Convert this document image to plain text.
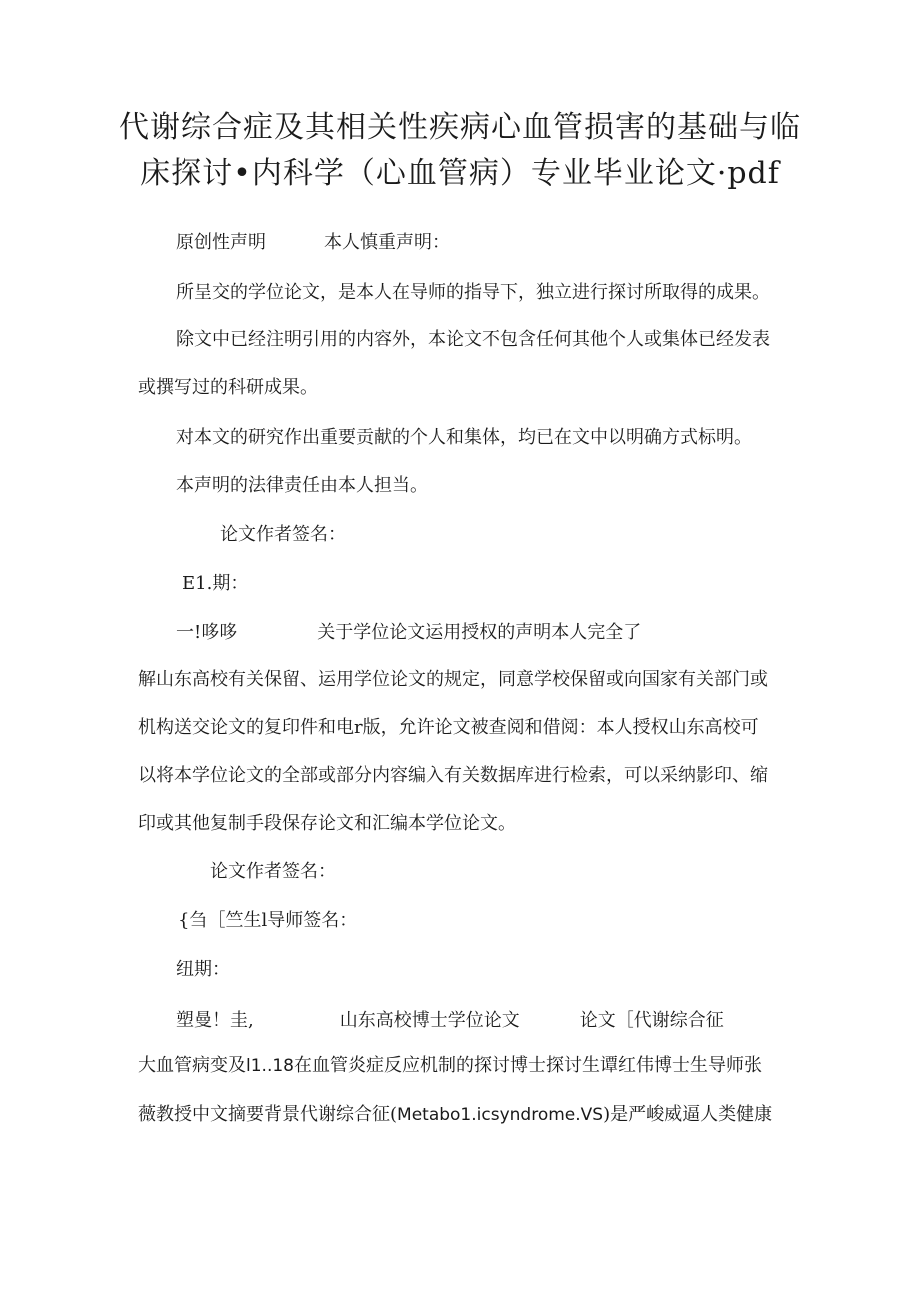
代谢综合症及其相关性疾病心血管损害的基础与临
床探讨•内科学（心血管病）专业毕业论文·pdf

原创性声明	本人慎重声明：

所呈交的学位论文，是本人在导师的指导下，独立进行探讨所取得的成果。

除文中已经注明引用的内容外，本论文不包含任何其他个人或集体已经发表

或撰写过的科研成果。

对本文的研究作出重要贡献的个人和集体，均已在文中以明确方式标明。

本声明的法律责任由本人担当。

论文作者签名：

E1.期：

一!哆哆	关于学位论文运用授权的声明本人完全了

解山东高校有关保留、运用学位论文的规定，同意学校保留或向国家有关部门或

机构送交论文的复印件和电r版，允许论文被查阅和借阅：本人授权山东高校可

以将本学位论文的全部或部分内容编入有关数据库进行检索，可以采纳影印、缩

印或其他复制手段保存论文和汇编本学位论文。

论文作者签名：

{刍［竺生l导师签名：

纽期：

塑曼！圭,	山东高校博士学位论文	论文［代谢综合征

大血管病变及l1..18在血管炎症反应机制的探讨博士探讨生谭红伟博士生导师张

薇教授中文摘要背景代谢综合征(Metabo1.icsyndrome.VS)是严峻威逼人类健康
